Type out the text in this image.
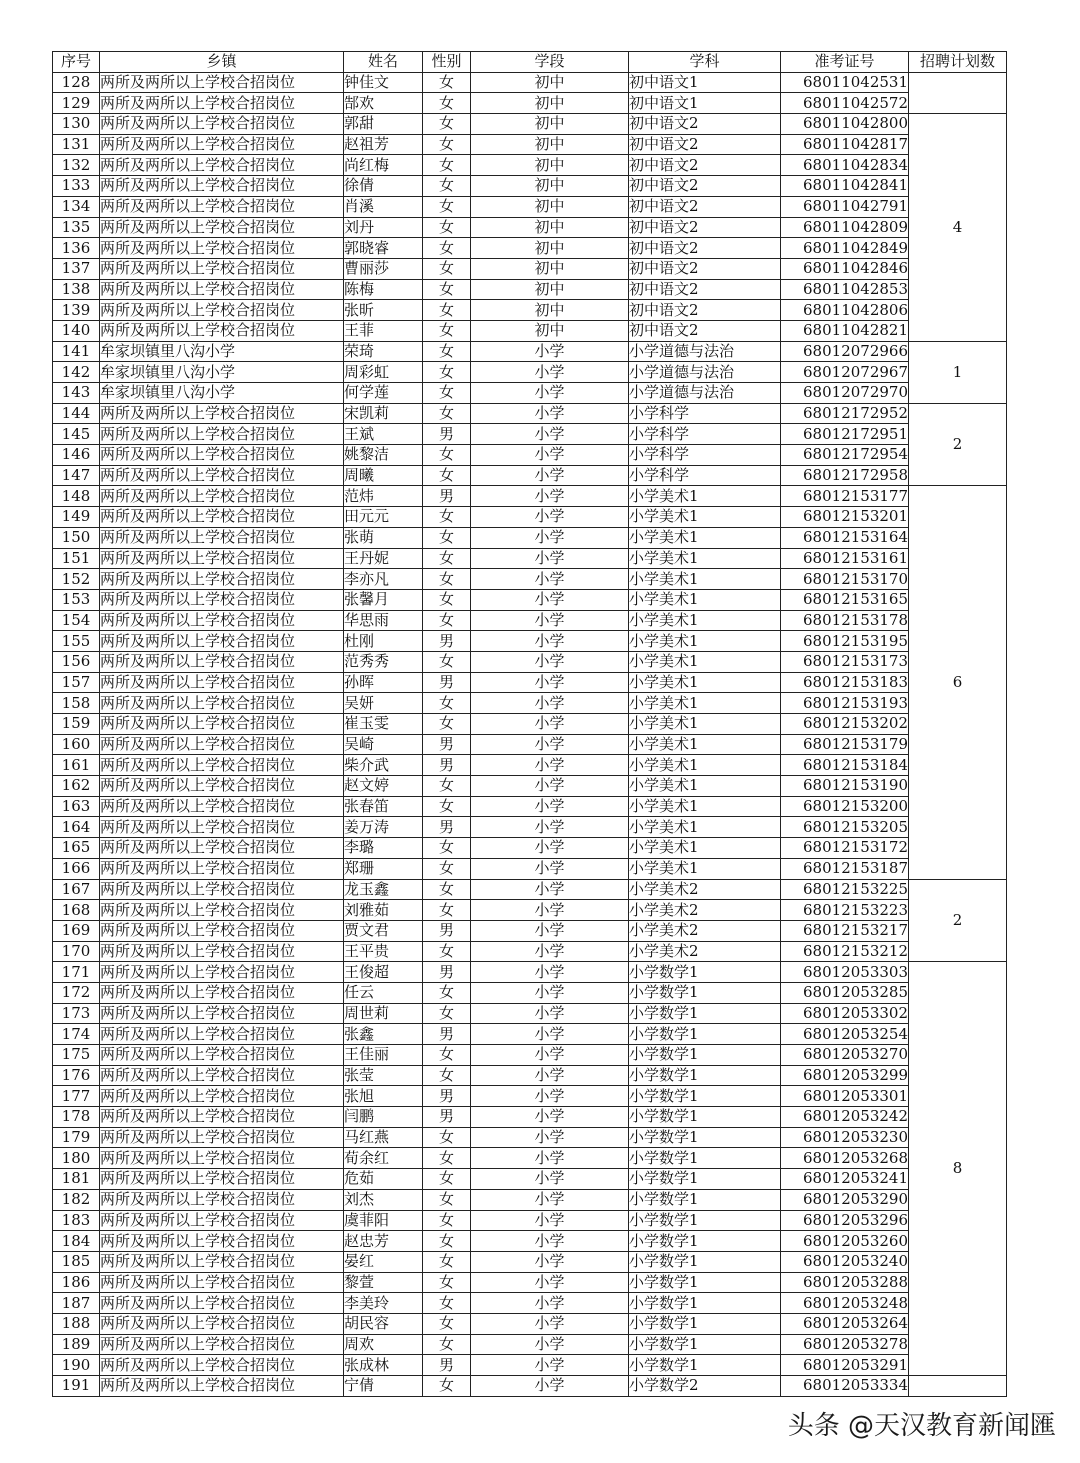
序号	乡镇	姓名	性别	学段	学科	准考证号	招聘计划数
128	两所及两所以上学校合招岗位	钟佳文	女	初中	初中语文1	68011042531	
129	两所及两所以上学校合招岗位	郜欢	女	初中	初中语文1	68011042572	
130	两所及两所以上学校合招岗位	郭甜	女	初中	初中语文2	68011042800	4
131	两所及两所以上学校合招岗位	赵祖芳	女	初中	初中语文2	68011042817	
132	两所及两所以上学校合招岗位	尚红梅	女	初中	初中语文2	68011042834	
133	两所及两所以上学校合招岗位	徐倩	女	初中	初中语文2	68011042841	
134	两所及两所以上学校合招岗位	肖溪	女	初中	初中语文2	68011042791	
135	两所及两所以上学校合招岗位	刘丹	女	初中	初中语文2	68011042809	
136	两所及两所以上学校合招岗位	郭晓睿	女	初中	初中语文2	68011042849	
137	两所及两所以上学校合招岗位	曹丽莎	女	初中	初中语文2	68011042846	
138	两所及两所以上学校合招岗位	陈梅	女	初中	初中语文2	68011042853	
139	两所及两所以上学校合招岗位	张昕	女	初中	初中语文2	68011042806	
140	两所及两所以上学校合招岗位	王菲	女	初中	初中语文2	68011042821	
141	牟家坝镇里八沟小学	荣琦	女	小学	小学道德与法治	68012072966	1
142	牟家坝镇里八沟小学	周彩虹	女	小学	小学道德与法治	68012072967	
143	牟家坝镇里八沟小学	何学莲	女	小学	小学道德与法治	68012072970	
144	两所及两所以上学校合招岗位	宋凯莉	女	小学	小学科学	68012172952	2
145	两所及两所以上学校合招岗位	王斌	男	小学	小学科学	68012172951	
146	两所及两所以上学校合招岗位	姚黎洁	女	小学	小学科学	68012172954	
147	两所及两所以上学校合招岗位	周曦	女	小学	小学科学	68012172958	
148	两所及两所以上学校合招岗位	范炜	男	小学	小学美术1	68012153177	6
149	两所及两所以上学校合招岗位	田元元	女	小学	小学美术1	68012153201	
150	两所及两所以上学校合招岗位	张萌	女	小学	小学美术1	68012153164	
151	两所及两所以上学校合招岗位	王丹妮	女	小学	小学美术1	68012153161	
152	两所及两所以上学校合招岗位	李亦凡	女	小学	小学美术1	68012153170	
153	两所及两所以上学校合招岗位	张馨月	女	小学	小学美术1	68012153165	
154	两所及两所以上学校合招岗位	华思雨	女	小学	小学美术1	68012153178	
155	两所及两所以上学校合招岗位	杜刚	男	小学	小学美术1	68012153195	
156	两所及两所以上学校合招岗位	范秀秀	女	小学	小学美术1	68012153173	
157	两所及两所以上学校合招岗位	孙晖	男	小学	小学美术1	68012153183	
158	两所及两所以上学校合招岗位	吴妍	女	小学	小学美术1	68012153193	
159	两所及两所以上学校合招岗位	崔玉雯	女	小学	小学美术1	68012153202	
160	两所及两所以上学校合招岗位	吴崎	男	小学	小学美术1	68012153179	
161	两所及两所以上学校合招岗位	柴介武	男	小学	小学美术1	68012153184	
162	两所及两所以上学校合招岗位	赵文婷	女	小学	小学美术1	68012153190	
163	两所及两所以上学校合招岗位	张春笛	女	小学	小学美术1	68012153200	
164	两所及两所以上学校合招岗位	姜万涛	男	小学	小学美术1	68012153205	
165	两所及两所以上学校合招岗位	李璐	女	小学	小学美术1	68012153172	
166	两所及两所以上学校合招岗位	郑珊	女	小学	小学美术1	68012153187	
167	两所及两所以上学校合招岗位	龙玉鑫	女	小学	小学美术2	68012153225	2
168	两所及两所以上学校合招岗位	刘雅茹	女	小学	小学美术2	68012153223	
169	两所及两所以上学校合招岗位	贾文君	男	小学	小学美术2	68012153217	
170	两所及两所以上学校合招岗位	王平贵	女	小学	小学美术2	68012153212	
171	两所及两所以上学校合招岗位	王俊超	男	小学	小学数学1	68012053303	8
172	两所及两所以上学校合招岗位	任云	女	小学	小学数学1	68012053285	
173	两所及两所以上学校合招岗位	周世莉	女	小学	小学数学1	68012053302	
174	两所及两所以上学校合招岗位	张鑫	男	小学	小学数学1	68012053254	
175	两所及两所以上学校合招岗位	王佳丽	女	小学	小学数学1	68012053270	
176	两所及两所以上学校合招岗位	张莹	女	小学	小学数学1	68012053299	
177	两所及两所以上学校合招岗位	张旭	男	小学	小学数学1	68012053301	
178	两所及两所以上学校合招岗位	闫鹏	男	小学	小学数学1	68012053242	
179	两所及两所以上学校合招岗位	马红燕	女	小学	小学数学1	68012053230	
180	两所及两所以上学校合招岗位	荀余红	女	小学	小学数学1	68012053268	
181	两所及两所以上学校合招岗位	危茹	女	小学	小学数学1	68012053241	
182	两所及两所以上学校合招岗位	刘杰	女	小学	小学数学1	68012053290	
183	两所及两所以上学校合招岗位	虞菲阳	女	小学	小学数学1	68012053296	
184	两所及两所以上学校合招岗位	赵忠芳	女	小学	小学数学1	68012053260	
185	两所及两所以上学校合招岗位	晏红	女	小学	小学数学1	68012053240	
186	两所及两所以上学校合招岗位	黎萱	女	小学	小学数学1	68012053288	
187	两所及两所以上学校合招岗位	李美玲	女	小学	小学数学1	68012053248	
188	两所及两所以上学校合招岗位	胡民容	女	小学	小学数学1	68012053264	
189	两所及两所以上学校合招岗位	周欢	女	小学	小学数学1	68012053278	
190	两所及两所以上学校合招岗位	张成林	男	小学	小学数学1	68012053291	
191	两所及两所以上学校合招岗位	宁倩	女	小学	小学数学2	68012053334	
头条 @天汉教育新闻匯
